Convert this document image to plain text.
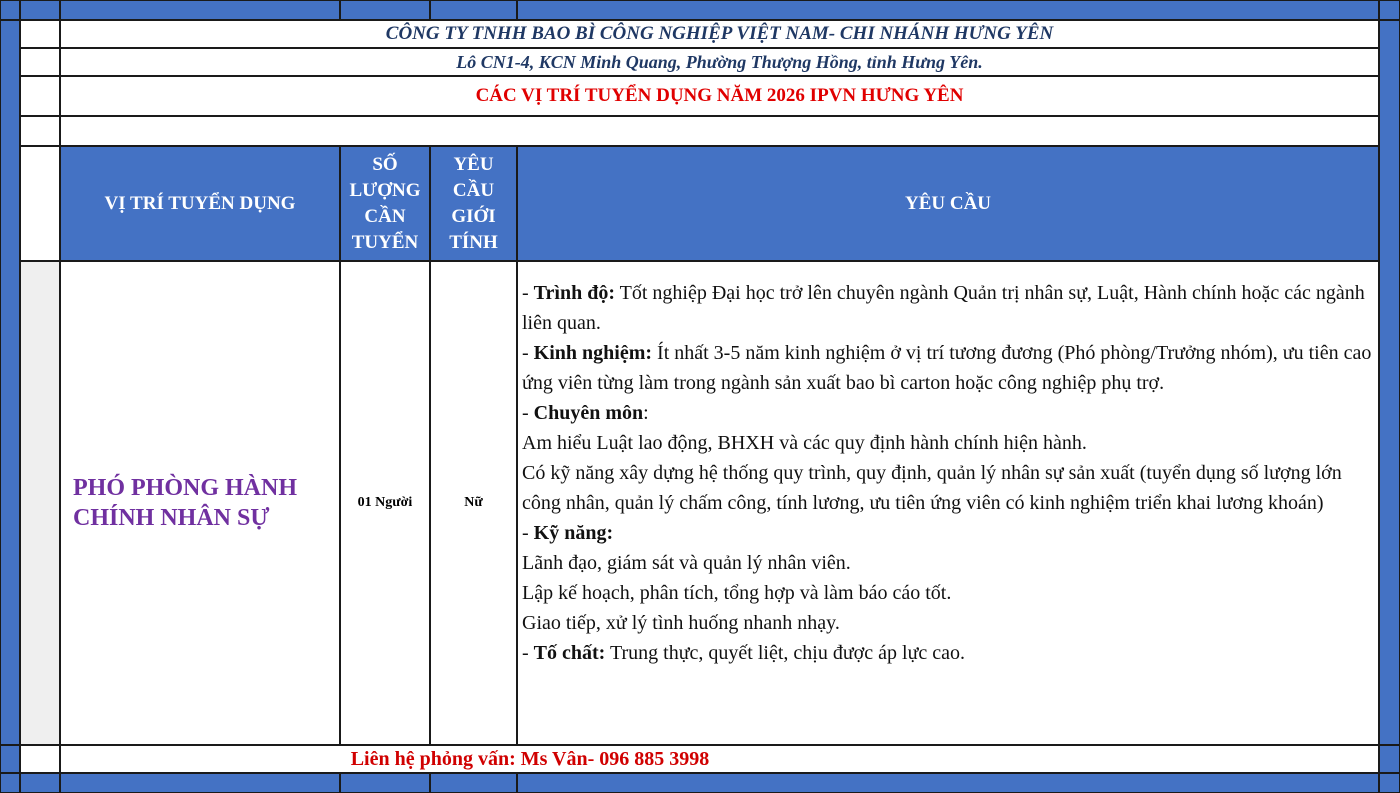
CÔNG TY TNHH BAO BÌ CÔNG NGHIỆP VIỆT NAM- CHI NHÁNH HƯNG YÊN
Lô CN1-4, KCN Minh Quang, Phường Thượng Hồng, tỉnh Hưng Yên.
CÁC VỊ TRÍ TUYỂN DỤNG NĂM 2026 IPVN HƯNG YÊN
VỊ TRÍ TUYỂN DỤNG
SỐ
LƯỢNG
CẦN
TUYỂN
YÊU
CẦU
GIỚI
TÍNH
YÊU CẦU
PHÓ PHÒNG HÀNH CHÍNH NHÂN SỰ
01 Người	Nữ
- Trình độ: Tốt nghiệp Đại học trở lên chuyên ngành Quản trị nhân sự, Luật, Hành chính hoặc các ngành liên quan.
- Kinh nghiệm: Ít nhất 3-5 năm kinh nghiệm ở vị trí tương đương (Phó phòng/Trưởng nhóm), ưu tiên cao ứng viên từng làm trong ngành sản xuất bao bì carton hoặc công nghiệp phụ trợ.
- Chuyên môn:
Am hiểu Luật lao động, BHXH và các quy định hành chính hiện hành.
Có kỹ năng xây dựng hệ thống quy trình, quy định, quản lý nhân sự sản xuất (tuyển dụng số lượng lớn công nhân, quản lý chấm công, tính lương, ưu tiên ứng viên có kinh nghiệm triển khai lương khoán)
- Kỹ năng:
Lãnh đạo, giám sát và quản lý nhân viên.
Lập kế hoạch, phân tích, tổng hợp và làm báo cáo tốt.
Giao tiếp, xử lý tình huống nhanh nhạy.
- Tố chất: Trung thực, quyết liệt, chịu được áp lực cao.
Liên hệ phỏng vấn: Ms Vân- 096 885 3998
